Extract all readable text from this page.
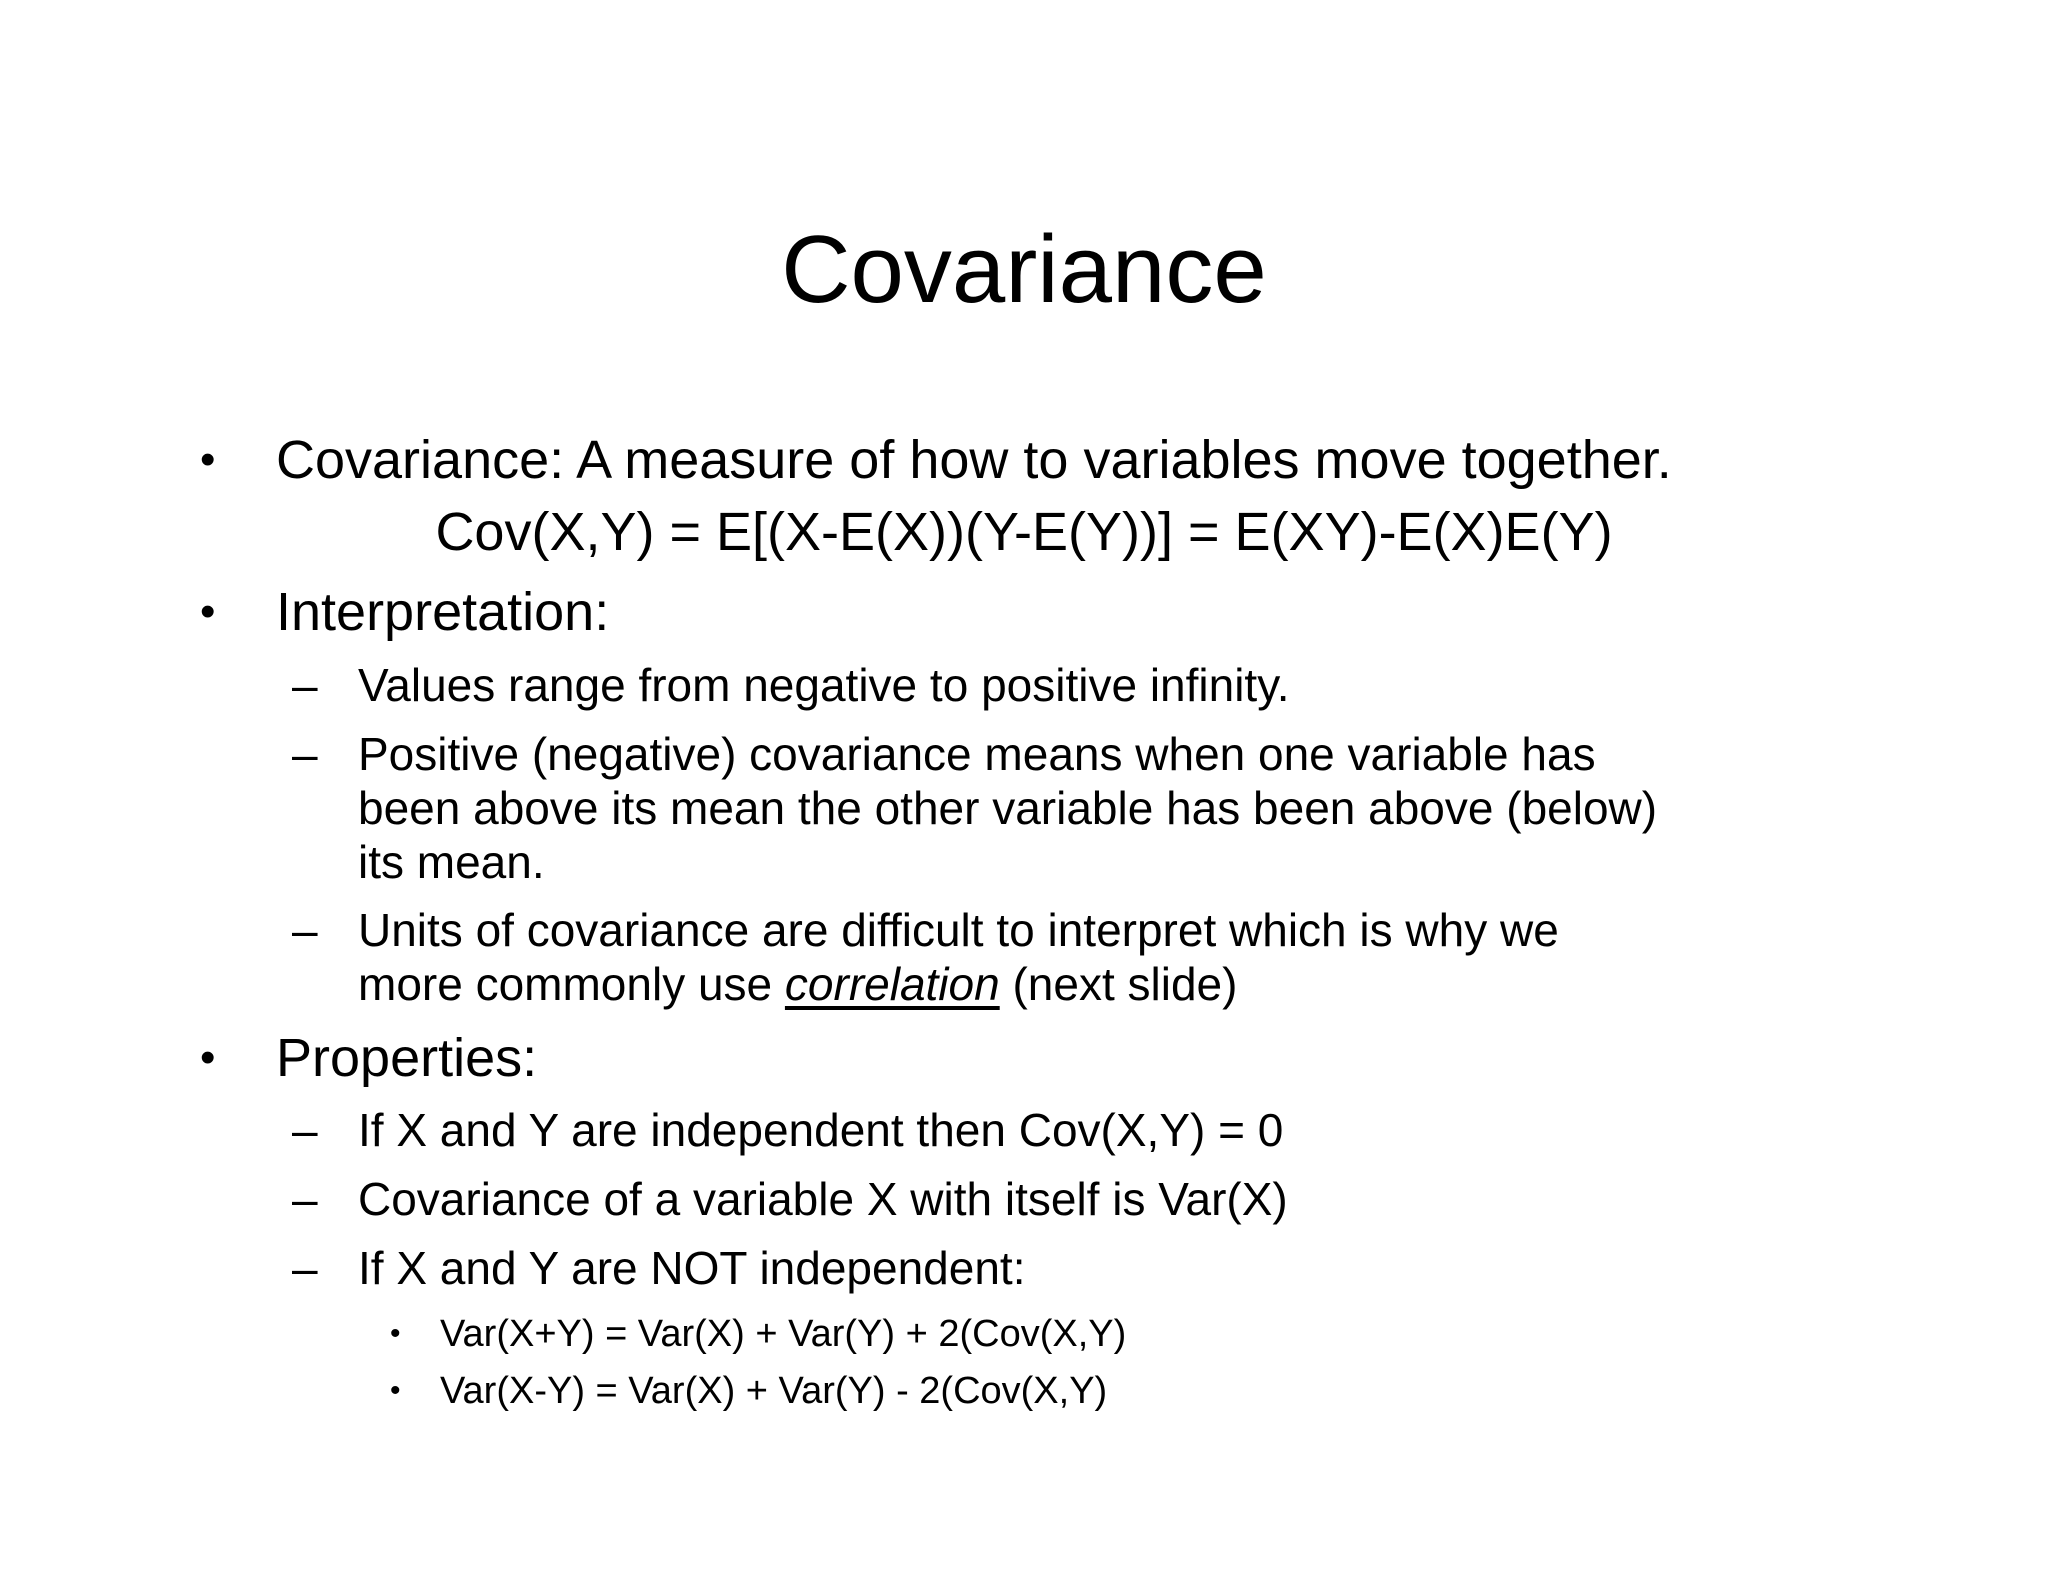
Covariance
• Covariance: A measure of how to variables move together.
Cov(X,Y) = E[(X-E(X))(Y-E(Y))] = E(XY)-E(X)E(Y)
• Interpretation:
– Values range from negative to positive infinity.
– Positive (negative) covariance means when one variable has
been above its mean the other variable has been above (below)
its mean.
– Units of covariance are difficult to interpret which is why we
more commonly use correlation (next slide)
• Properties:
– If X and Y are independent then Cov(X,Y) = 0
– Covariance of a variable X with itself is Var(X)
– If X and Y are NOT independent:
• Var(X+Y) = Var(X) + Var(Y) + 2(Cov(X,Y)
• Var(X-Y) = Var(X) + Var(Y) - 2(Cov(X,Y)
